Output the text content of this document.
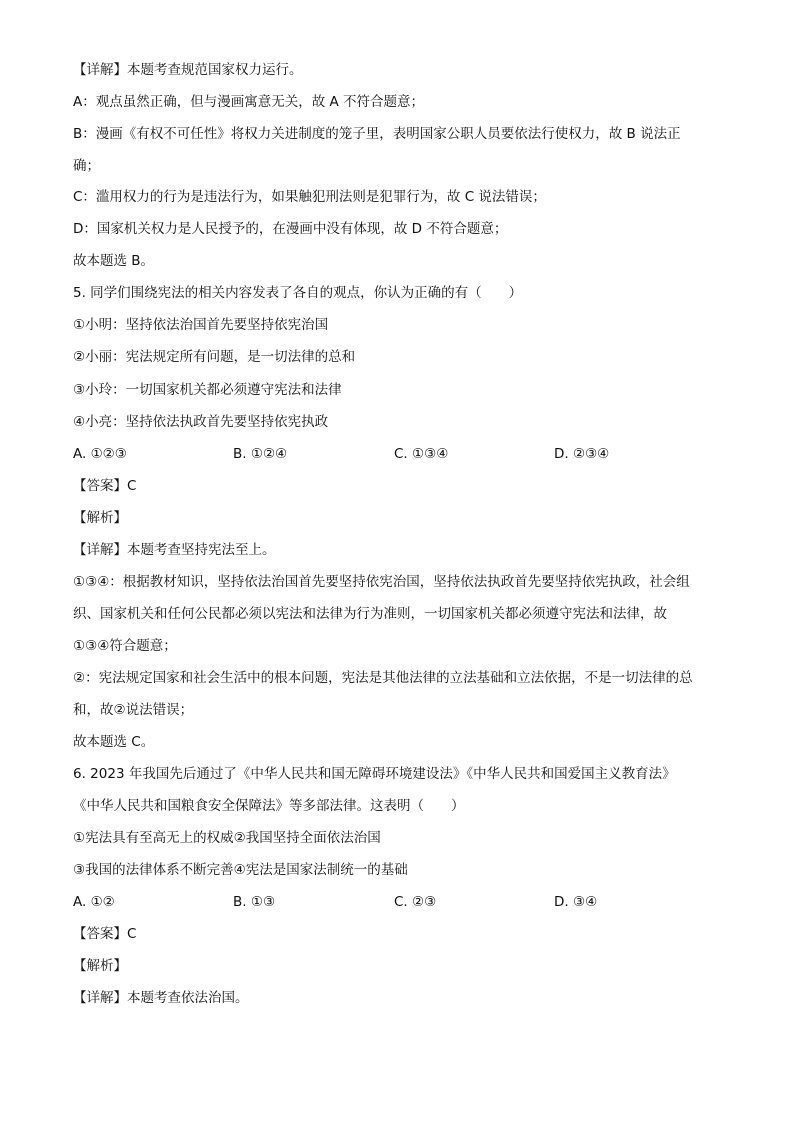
【详解】本题考查规范国家权力运行。

A：观点虽然正确，但与漫画寓意无关，故 A 不符合题意；

B：漫画《有权不可任性》将权力关进制度的笼子里，表明国家公职人员要依法行使权力，故 B 说法正

确；

C：滥用权力的行为是违法行为，如果触犯刑法则是犯罪行为，故 C 说法错误；

D：国家机关权力是人民授予的，在漫画中没有体现，故 D 不符合题意；

故本题选 B。

5. 同学们围绕宪法的相关内容发表了各自的观点，你认为正确的有（　　）

①小明：坚持依法治国首先要坚持依宪治国

②小丽：宪法规定所有问题，是一切法律的总和

③小玲：一切国家机关都必须遵守宪法和法律

④小亮：坚持依法执政首先要坚持依宪执政

A. ①②③	B. ①②④	C. ①③④	D. ②③④

【答案】C

【解析】

【详解】本题考查坚持宪法至上。

①③④：根据教材知识，坚持依法治国首先要坚持依宪治国，坚持依法执政首先要坚持依宪执政，社会组

织、国家机关和任何公民都必须以宪法和法律为行为准则，一切国家机关都必须遵守宪法和法律，故

①③④符合题意；

②：宪法规定国家和社会生活中的根本问题，宪法是其他法律的立法基础和立法依据，不是一切法律的总

和，故②说法错误；

故本题选 C。

6. 2023 年我国先后通过了《中华人民共和国无障碍环境建设法》《中华人民共和国爱国主义教育法》

《中华人民共和国粮食安全保障法》等多部法律。这表明（　　）

①宪法具有至高无上的权威②我国坚持全面依法治国

③我国的法律体系不断完善④宪法是国家法制统一的基础

A. ①②	B. ①③	C. ②③	D. ③④

【答案】C

【解析】

【详解】本题考查依法治国。
